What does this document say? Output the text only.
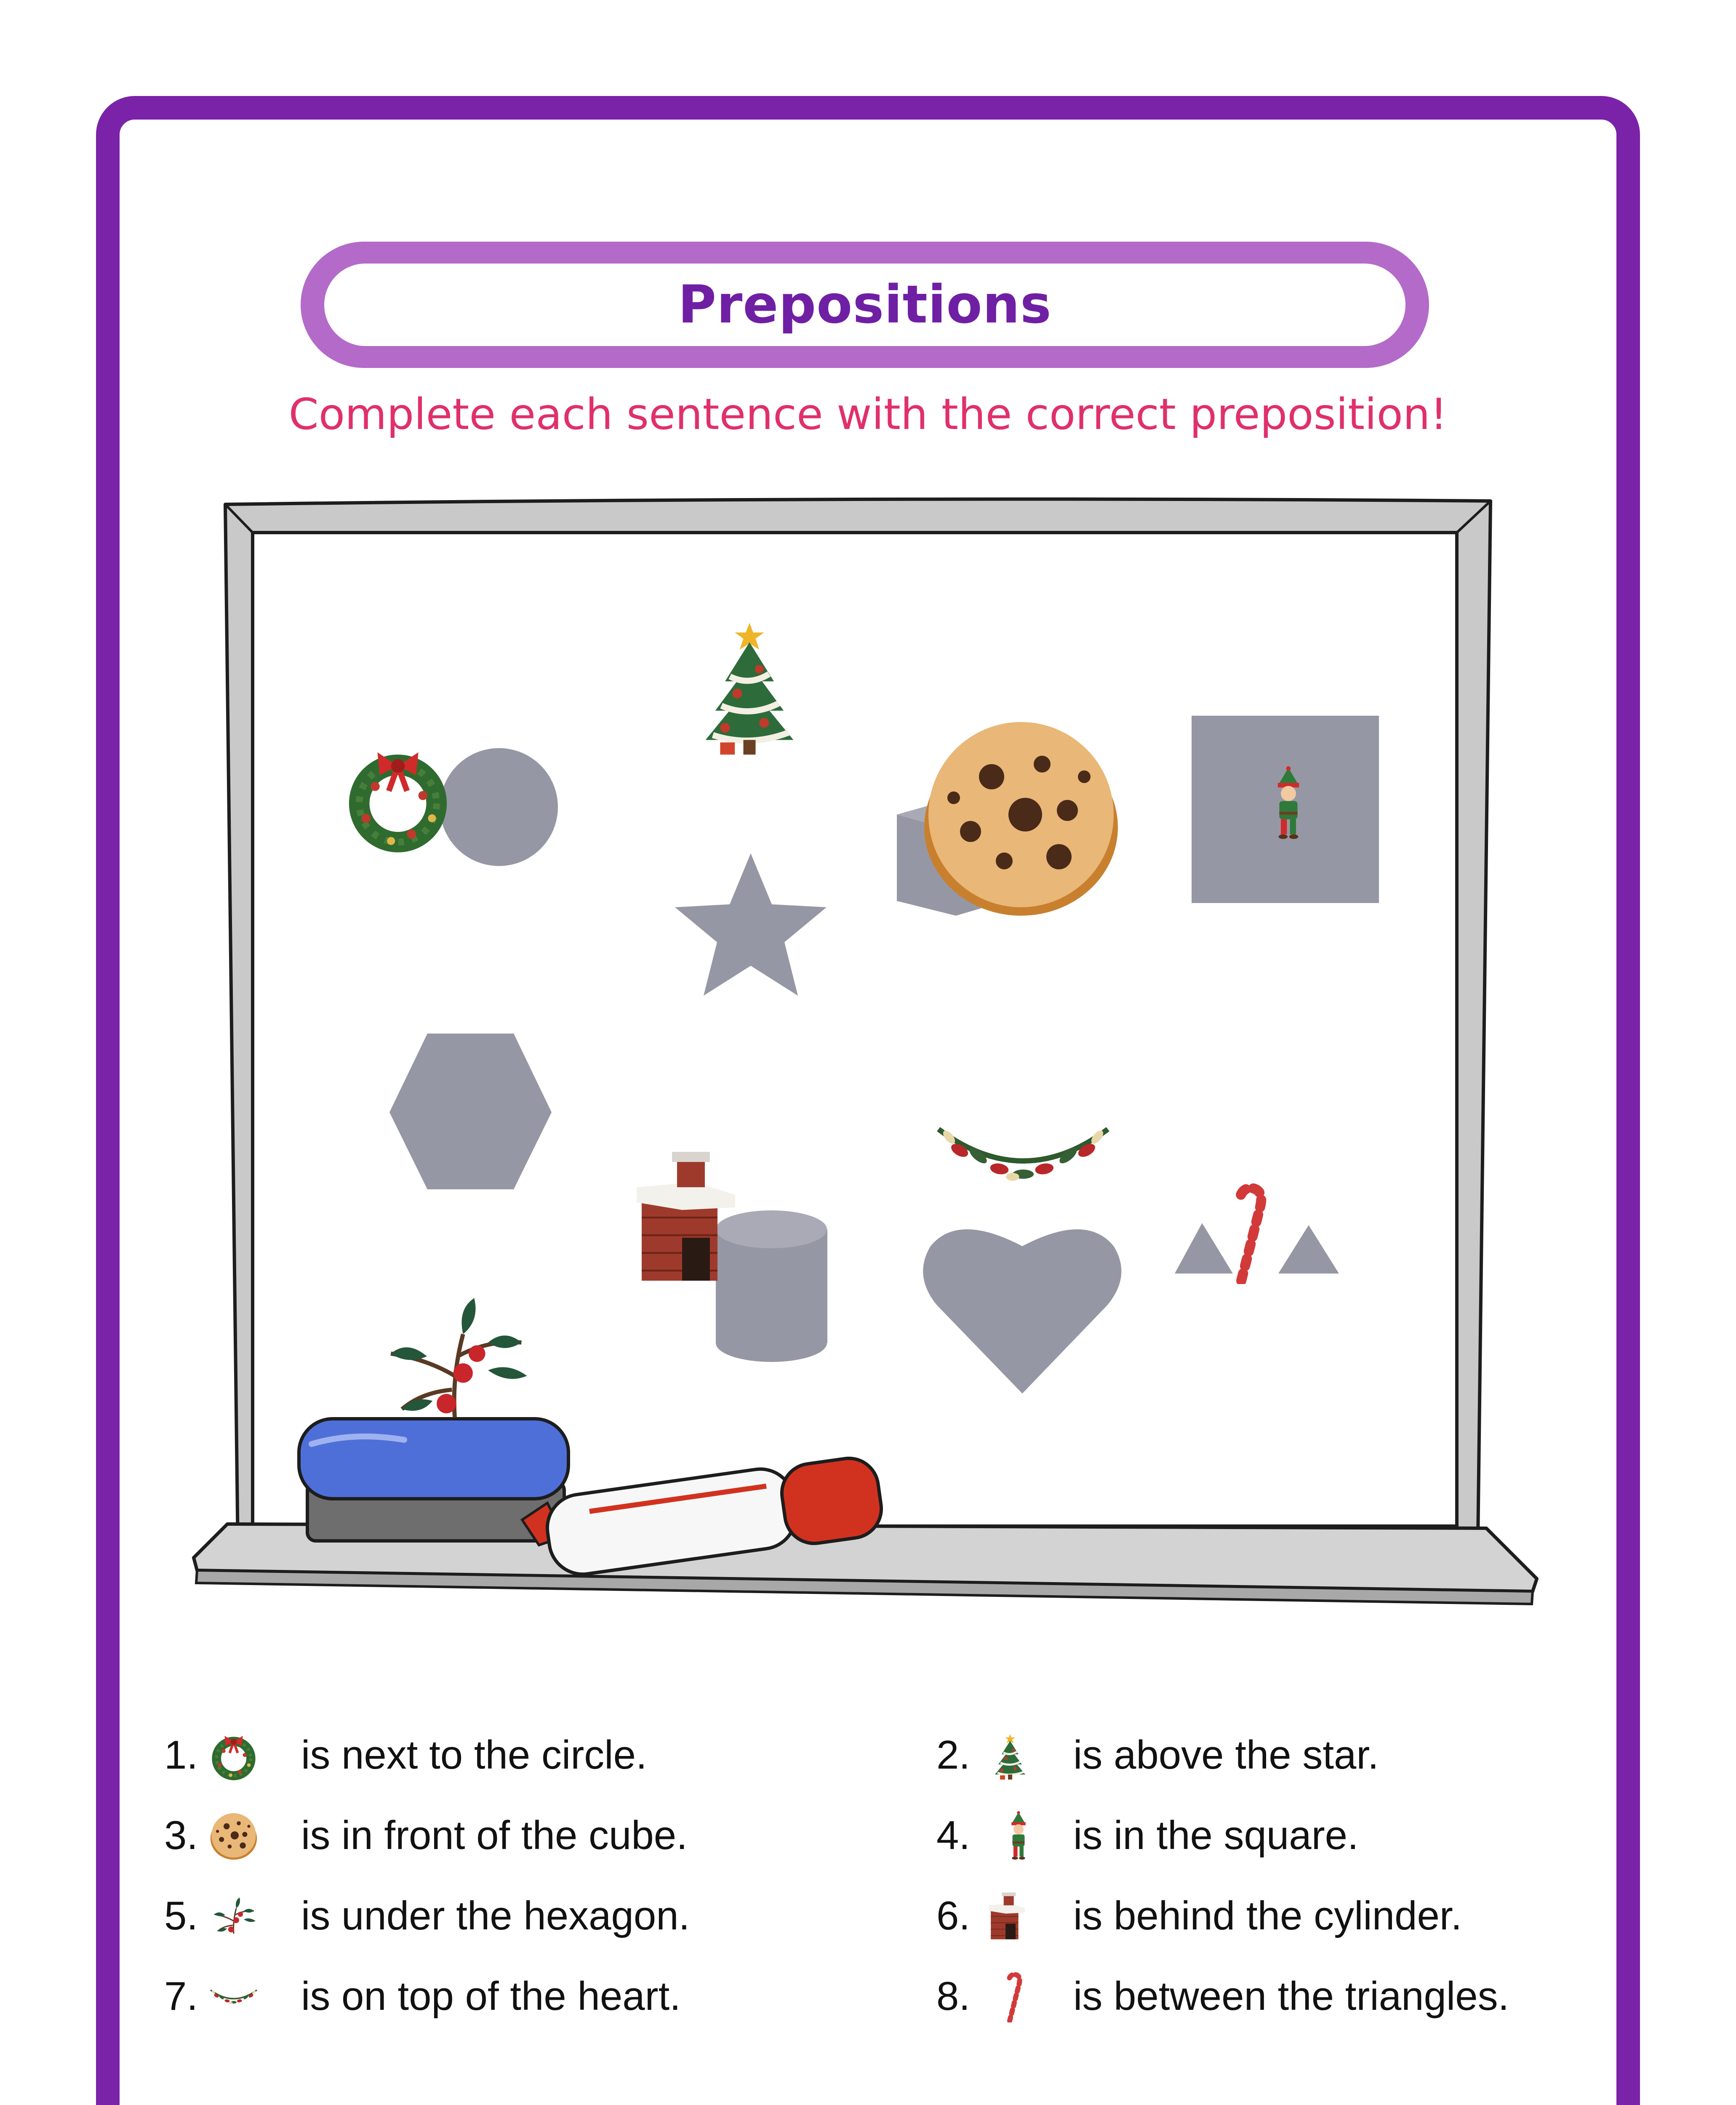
Prepositions
Complete each sentence with the correct preposition!
1.	is next to the circle.	2.	is above the star.
3.	is in front of the cube.	4.	is in the square.
5.	is under the hexagon.	6.	is behind the cylinder.
7.	is on top of the heart.	8.	is between the triangles.
